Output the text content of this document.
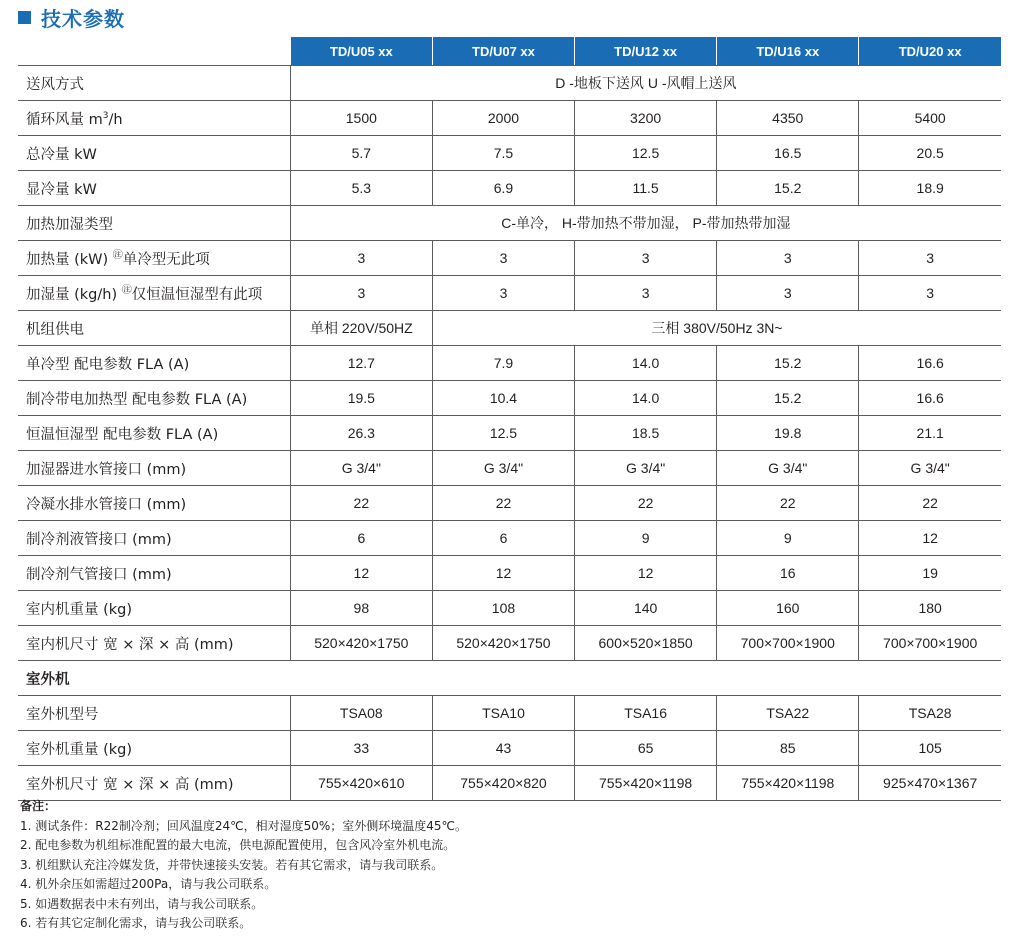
技术参数
	TD/U05 xx	TD/U07 xx	TD/U12 xx	TD/U16 xx	TD/U20 xx
送风方式	D -地板下送风 U -风帽上送风				
循环风量 $m^3/h$	1500	2000	3200	4350	5400
总冷量 kW	5.7	7.5	12.5	16.5	20.5
显冷量 kW	5.3	6.9	11.5	15.2	18.9
加热加湿类型	C-单冷， H-带加热不带加湿， P-带加热带加湿				
加热量 (kW) ㊟单冷型无此项	3	3	3	3	3
加湿量 (kg/h) ㊟仅恒温恒湿型有此项	3	3	3	3	3
机组供电	单相 220V/50HZ	三相 380V/50Hz 3N~			
单冷型 配电参数 FLA (A)	12.7	7.9	14.0	15.2	16.6
制冷带电加热型 配电参数 FLA (A)	19.5	10.4	14.0	15.2	16.6
恒温恒湿型 配电参数 FLA (A)	26.3	12.5	18.5	19.8	21.1
加湿器进水管接口 (mm)	G 3/4"	G 3/4"	G 3/4"	G 3/4"	G 3/4"
冷凝水排水管接口 (mm)	22	22	22	22	22
制冷剂液管接口 (mm)	6	6	9	9	12
制冷剂气管接口 (mm)	12	12	12	16	19
室内机重量 (kg)	98	108	140	160	180
室内机尺寸 宽 × 深 × 高 (mm)	520×420×1750	520×420×1750	600×520×1850	700×700×1900	700×700×1900
室外机					
室外机型号	TSA08	TSA10	TSA16	TSA22	TSA28
室外机重量 (kg)	33	43	65	85	105
室外机尺寸 宽 × 深 × 高 (mm)	755×420×610	755×420×820	755×420×1198	755×420×1198	925×470×1367
备注：
1. 测试条件：R22制冷剂；回风温度24℃，相对湿度50%；室外侧环境温度45℃。
2. 配电参数为机组标准配置的最大电流，供电源配置使用，包含风冷室外机电流。
3. 机组默认充注冷媒发货，并带快速接头安装。若有其它需求，请与我司联系。
4. 机外余压如需超过200Pa，请与我公司联系。
5. 如遇数据表中未有列出，请与我公司联系。
6. 若有其它定制化需求，请与我公司联系。
